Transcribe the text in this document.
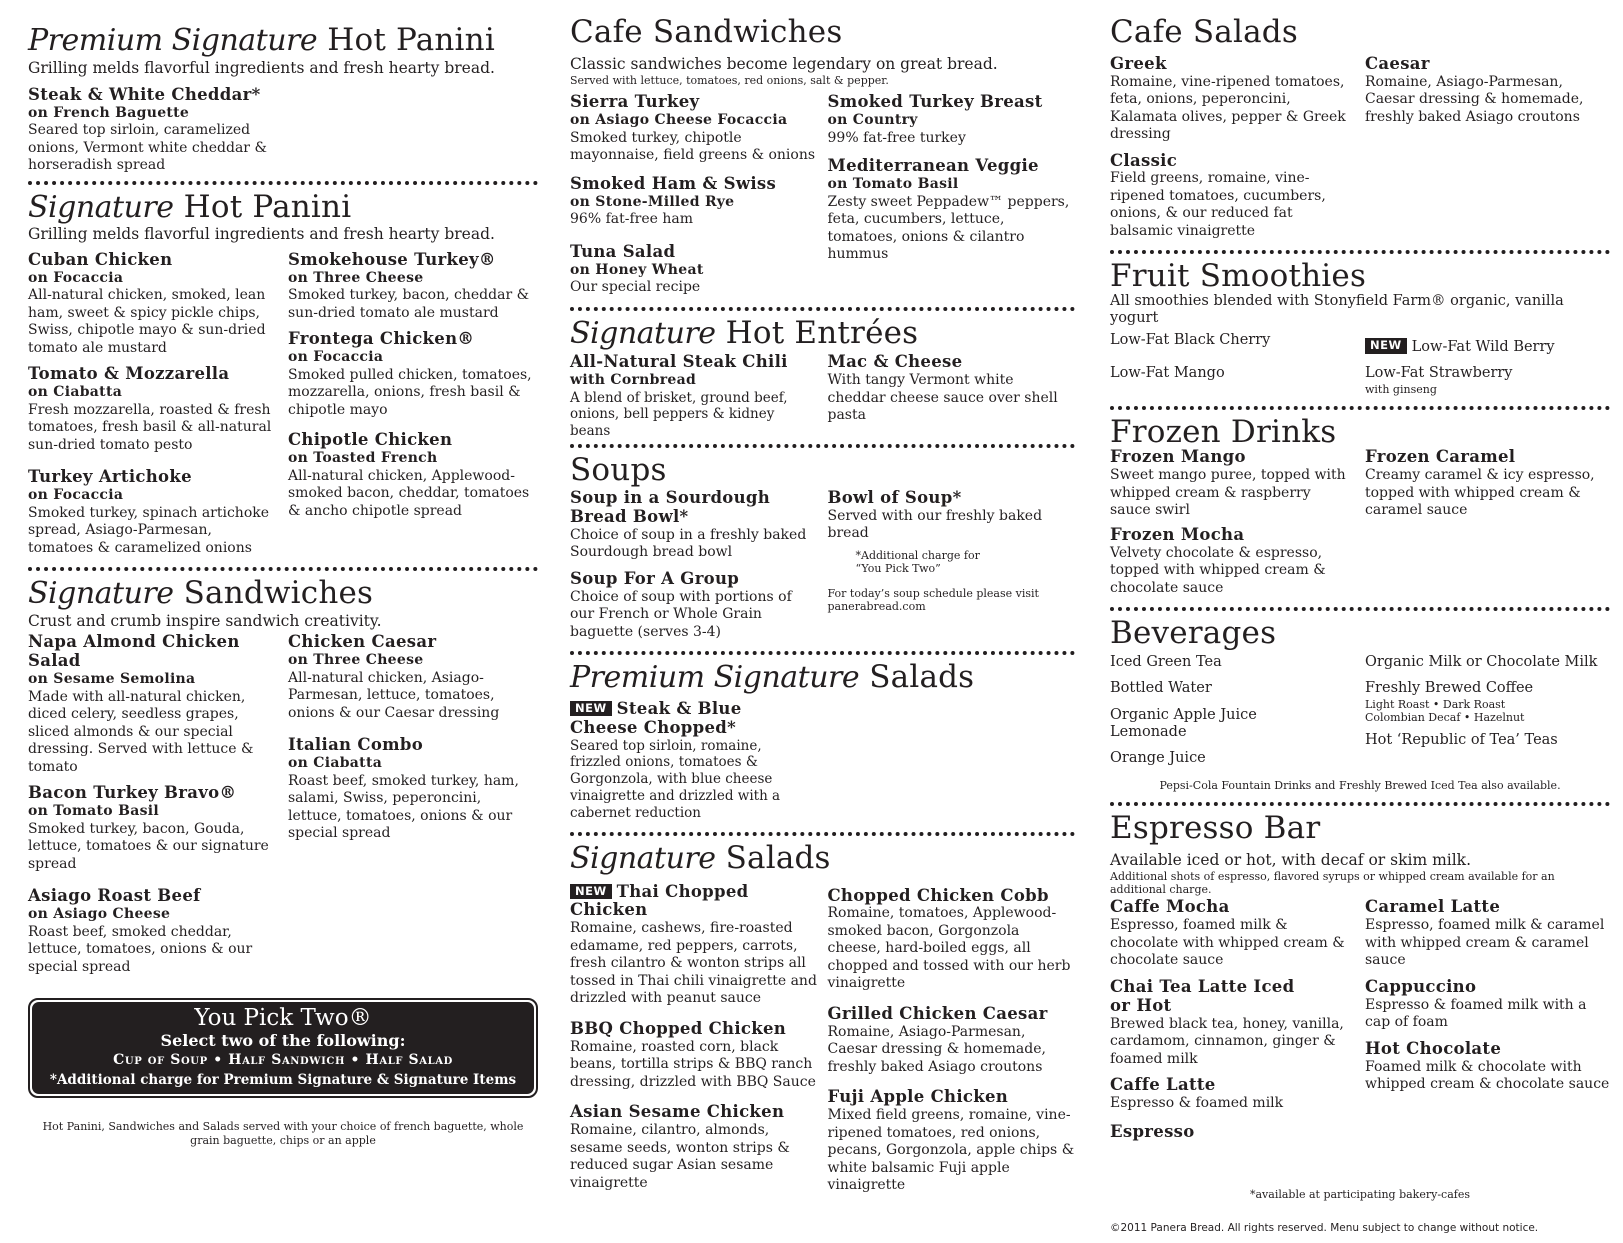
Premium Signature Hot Panini
Grilling melds flavorful ingredients and fresh hearty bread.
Steak & White Cheddar*
on French Baguette
Seared top sirloin, caramelized onions, Vermont white cheddar & horseradish spread
Signature Hot Panini
Grilling melds flavorful ingredients and fresh hearty bread.
Cuban Chicken
on Focaccia
All-natural chicken, smoked, lean ham, sweet & spicy pickle chips, Swiss, chipotle mayo & sun-dried tomato ale mustard
Tomato & Mozzarella
on Ciabatta
Fresh mozzarella, roasted & fresh tomatoes, fresh basil & all-natural sun-dried tomato pesto
Turkey Artichoke
on Focaccia
Smoked turkey, spinach artichoke spread, Asiago-Parmesan, tomatoes & caramelized onions
Smokehouse Turkey®
on Three Cheese
Smoked turkey, bacon, cheddar & sun-dried tomato ale mustard
Frontega Chicken®
on Focaccia
Smoked pulled chicken, tomatoes, mozzarella, onions, fresh basil & chipotle mayo
Chipotle Chicken
on Toasted French
All-natural chicken, Applewood-smoked bacon, cheddar, tomatoes & ancho chipotle spread
Signature Sandwiches
Crust and crumb inspire sandwich creativity.
Napa Almond Chicken Salad
on Sesame Semolina
Made with all-natural chicken, diced celery, seedless grapes, sliced almonds & our special dressing. Served with lettuce & tomato
Bacon Turkey Bravo®
on Tomato Basil
Smoked turkey, bacon, Gouda, lettuce, tomatoes & our signature spread
Asiago Roast Beef
on Asiago Cheese
Roast beef, smoked cheddar, lettuce, tomatoes, onions & our special spread
Chicken Caesar
on Three Cheese
All-natural chicken, Asiago-Parmesan, lettuce, tomatoes, onions & our Caesar dressing
Italian Combo
on Ciabatta
Roast beef, smoked turkey, ham, salami, Swiss, peperoncini, lettuce, tomatoes, onions & our special spread
You Pick Two®
Select two of the following:
Cup of Soup • Half Sandwich • Half Salad
*Additional charge for Premium Signature & Signature Items
Hot Panini, Sandwiches and Salads served with your choice of french baguette, whole grain baguette, chips or an apple
Cafe Sandwiches
Classic sandwiches become legendary on great bread.
Served with lettuce, tomatoes, red onions, salt & pepper.
Sierra Turkey
on Asiago Cheese Focaccia
Smoked turkey, chipotle mayonnaise, field greens & onions
Smoked Ham & Swiss
on Stone-Milled Rye
96% fat-free ham
Tuna Salad
on Honey Wheat
Our special recipe
Smoked Turkey Breast
on Country
99% fat-free turkey
Mediterranean Veggie
on Tomato Basil
Zesty sweet Peppadew™ peppers, feta, cucumbers, lettuce, tomatoes, onions & cilantro hummus
Signature Hot Entrées
All-Natural Steak Chili
with Cornbread
A blend of brisket, ground beef, onions, bell peppers & kidney beans
Mac & Cheese
With tangy Vermont white cheddar cheese sauce over shell pasta
Soups
Soup in a Sourdough Bread Bowl*
Choice of soup in a freshly baked Sourdough bread bowl
Soup For A Group
Choice of soup with portions of our French or Whole Grain baguette (serves 3-4)
Bowl of Soup*
Served with our freshly baked bread
*Additional charge for “You Pick Two”
For today’s soup schedule please visit panerabread.com
Premium Signature Salads
NEW Steak & Blue Cheese Chopped*
Seared top sirloin, romaine, frizzled onions, tomatoes & Gorgonzola, with blue cheese vinaigrette and drizzled with a cabernet reduction
Signature Salads
NEW Thai Chopped Chicken
Romaine, cashews, fire-roasted edamame, red peppers, carrots, fresh cilantro & wonton strips all tossed in Thai chili vinaigrette and drizzled with peanut sauce
BBQ Chopped Chicken
Romaine, roasted corn, black beans, tortilla strips & BBQ ranch dressing, drizzled with BBQ Sauce
Asian Sesame Chicken
Romaine, cilantro, almonds, sesame seeds, wonton strips & reduced sugar Asian sesame vinaigrette
Chopped Chicken Cobb
Romaine, tomatoes, Applewood-smoked bacon, Gorgonzola cheese, hard-boiled eggs, all chopped and tossed with our herb vinaigrette
Grilled Chicken Caesar
Romaine, Asiago-Parmesan, Caesar dressing & homemade, freshly baked Asiago croutons
Fuji Apple Chicken
Mixed field greens, romaine, vine-ripened tomatoes, red onions, pecans, Gorgonzola, apple chips & white balsamic Fuji apple vinaigrette
Cafe Salads
Greek
Romaine, vine-ripened tomatoes, feta, onions, peperoncini, Kalamata olives, pepper & Greek dressing
Classic
Field greens, romaine, vine-ripened tomatoes, cucumbers, onions, & our reduced fat balsamic vinaigrette
Caesar
Romaine, Asiago-Parmesan, Caesar dressing & homemade, freshly baked Asiago croutons
Fruit Smoothies
All smoothies blended with Stonyfield Farm® organic, vanilla yogurt
Low-Fat Black Cherry
Low-Fat Mango
NEW Low-Fat Wild Berry
Low-Fat Strawberry
with ginseng
Frozen Drinks
Frozen Mango
Sweet mango puree, topped with whipped cream & raspberry sauce swirl
Frozen Mocha
Velvety chocolate & espresso, topped with whipped cream & chocolate sauce
Frozen Caramel
Creamy caramel & icy espresso, topped with whipped cream & caramel sauce
Beverages
Iced Green Tea
Bottled Water
Organic Apple Juice
Lemonade
Orange Juice
Organic Milk or Chocolate Milk
Freshly Brewed Coffee
Light Roast • Dark Roast
Colombian Decaf • Hazelnut
Hot ‘Republic of Tea’ Teas
Pepsi-Cola Fountain Drinks and Freshly Brewed Iced Tea also available.
Espresso Bar
Available iced or hot, with decaf or skim milk.
Additional shots of espresso, flavored syrups or whipped cream available for an additional charge.
Caffe Mocha
Espresso, foamed milk & chocolate with whipped cream & chocolate sauce
Chai Tea Latte Iced or Hot
Brewed black tea, honey, vanilla, cardamom, cinnamon, ginger & foamed milk
Caffe Latte
Espresso & foamed milk
Espresso
Caramel Latte
Espresso, foamed milk & caramel with whipped cream & caramel sauce
Cappuccino
Espresso & foamed milk with a cap of foam
Hot Chocolate
Foamed milk & chocolate with whipped cream & chocolate sauce
*available at participating bakery-cafes
©2011 Panera Bread. All rights reserved. Menu subject to change without notice.
